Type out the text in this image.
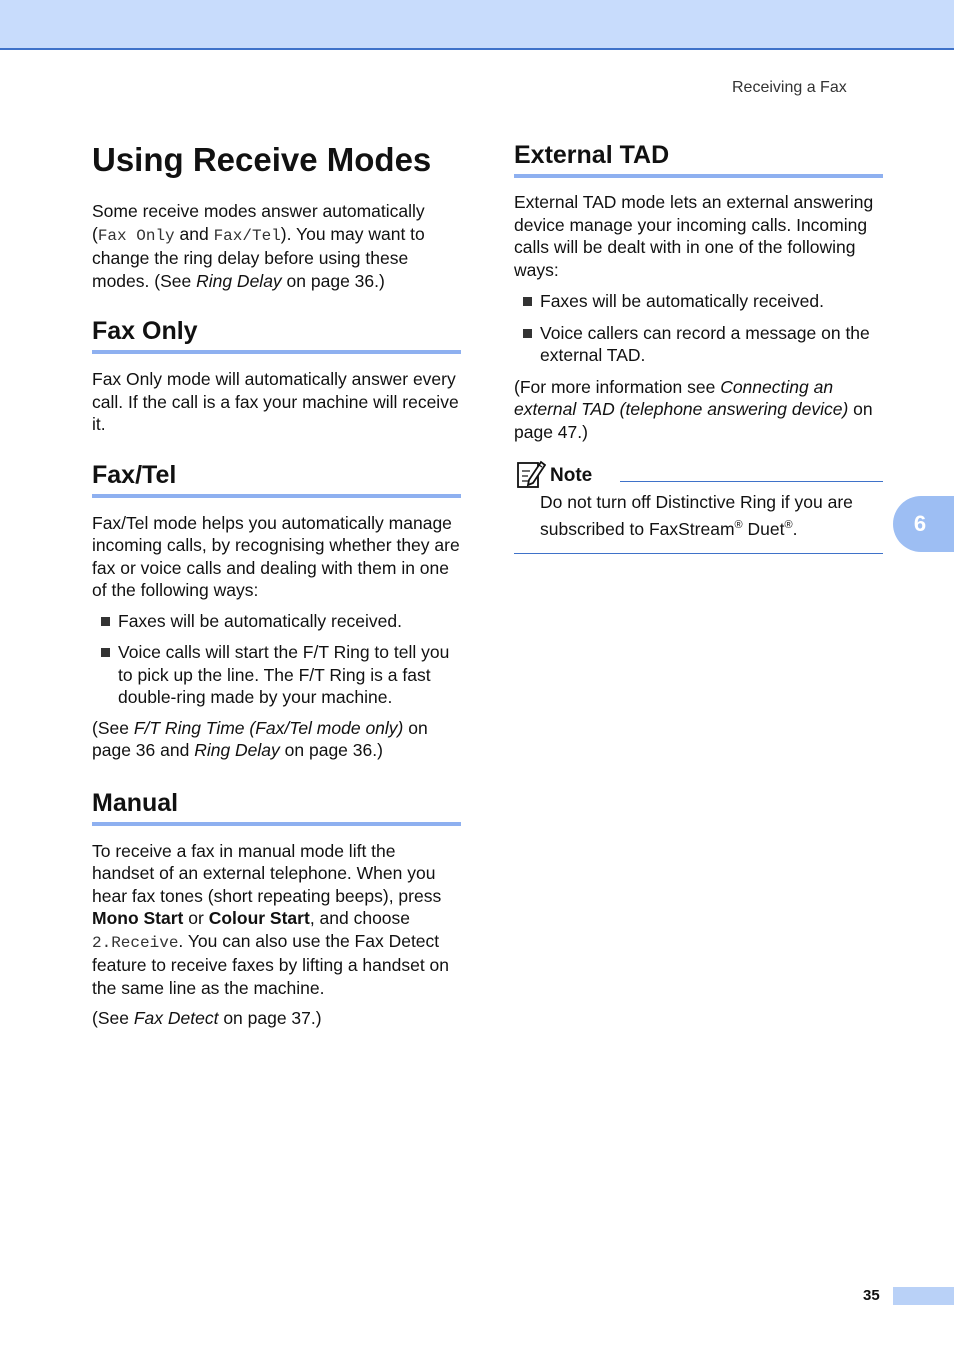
Receiving a Fax
6
Using Receive Modes

Some receive modes answer automatically (Fax Only and Fax/Tel). You may want to change the ring delay before using these modes. (See Ring Delay on page 36.)

Fax Only

Fax Only mode will automatically answer every call. If the call is a fax your machine will receive it.

Fax/Tel

Fax/Tel mode helps you automatically manage incoming calls, by recognising whether they are fax or voice calls and dealing with them in one of the following ways:

Faxes will be automatically received.
Voice calls will start the F/T Ring to tell you to pick up the line. The F/T Ring is a fast double-ring made by your machine.

(See F/T Ring Time (Fax/Tel mode only) on page 36 and Ring Delay on page 36.)

Manual

To receive a fax in manual mode lift the handset of an external telephone. When you hear fax tones (short repeating beeps), press Mono Start or Colour Start, and choose 2.Receive. You can also use the Fax Detect feature to receive faxes by lifting a handset on the same line as the machine.

(See Fax Detect on page 37.)

External TAD

External TAD mode lets an external answering device manage your incoming calls. Incoming calls will be dealt with in one of the following ways:

Faxes will be automatically received.
Voice callers can record a message on the external TAD.

(For more information see Connecting an external TAD (telephone answering device) on page 47.)

Note
Do not turn off Distinctive Ring if you are subscribed to FaxStream® Duet®.
35
